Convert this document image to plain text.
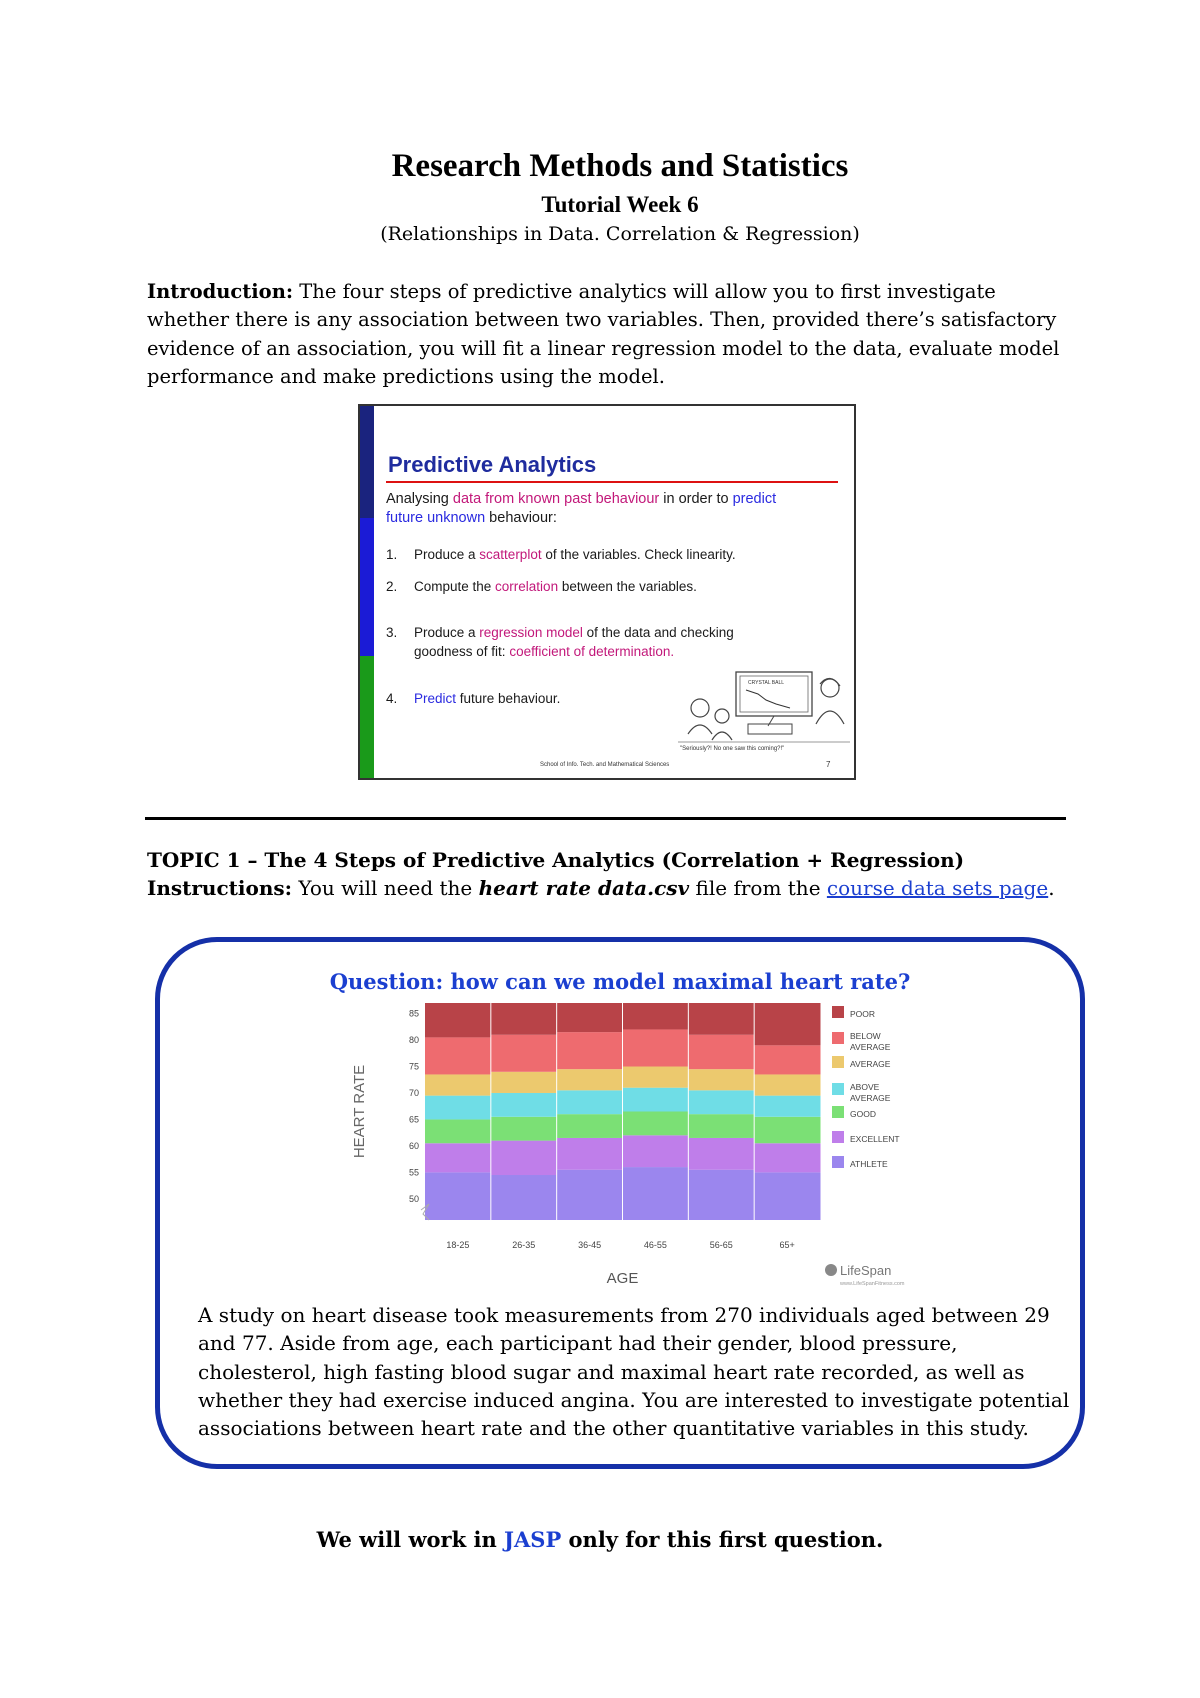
Research Methods and Statistics
Tutorial Week 6
(Relationships in Data. Correlation & Regression)
Introduction: The four steps of predictive analytics will allow you to first investigate whether there is any association between two variables. Then, provided there’s satisfactory evidence of an association, you will fit a linear regression model to the data, evaluate model performance and make predictions using the model.
Predictive Analytics
Analysing data from known past behaviour in order to predict
future unknown behaviour:
1. Produce a scatterplot of the variables. Check linearity.
2. Compute the correlation between the variables.
3. Produce a regression model of the data and checking
goodness of fit: coefficient of determination.
4. Predict future behaviour.
CRYSTAL BALL
"Seriously?! No one saw this coming?!"
School of Info. Tech. and Mathematical Sciences	7
TOPIC 1 – The 4 Steps of Predictive Analytics (Correlation + Regression)
Instructions: You will need the heart rate data.csv file from the course data sets page.
Question: how can we model maximal heart rate?
18-25	26-35	36-45	46-55	56-65	65+
50
55
60
65
70
75
80
85
HEART RATE
AGE
POOR
BELOW
AVERAGE
AVERAGE
ABOVE
AVERAGE
GOOD
EXCELLENT
ATHLETE
LifeSpan
www.LifeSpanFitness.com
A study on heart disease took measurements from 270 individuals aged between 29 and 77. Aside from age, each participant had their gender, blood pressure, cholesterol, high fasting blood sugar and maximal heart rate recorded, as well as whether they had exercise induced angina. You are interested to investigate potential associations between heart rate and the other quantitative variables in this study.
We will work in JASP only for this first question.
